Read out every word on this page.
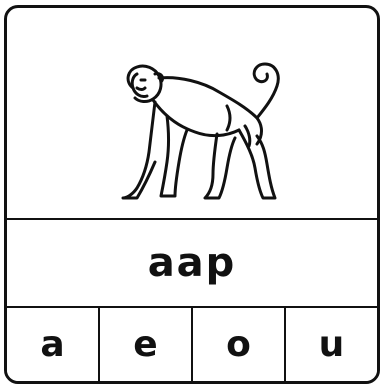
aap
a e o u
